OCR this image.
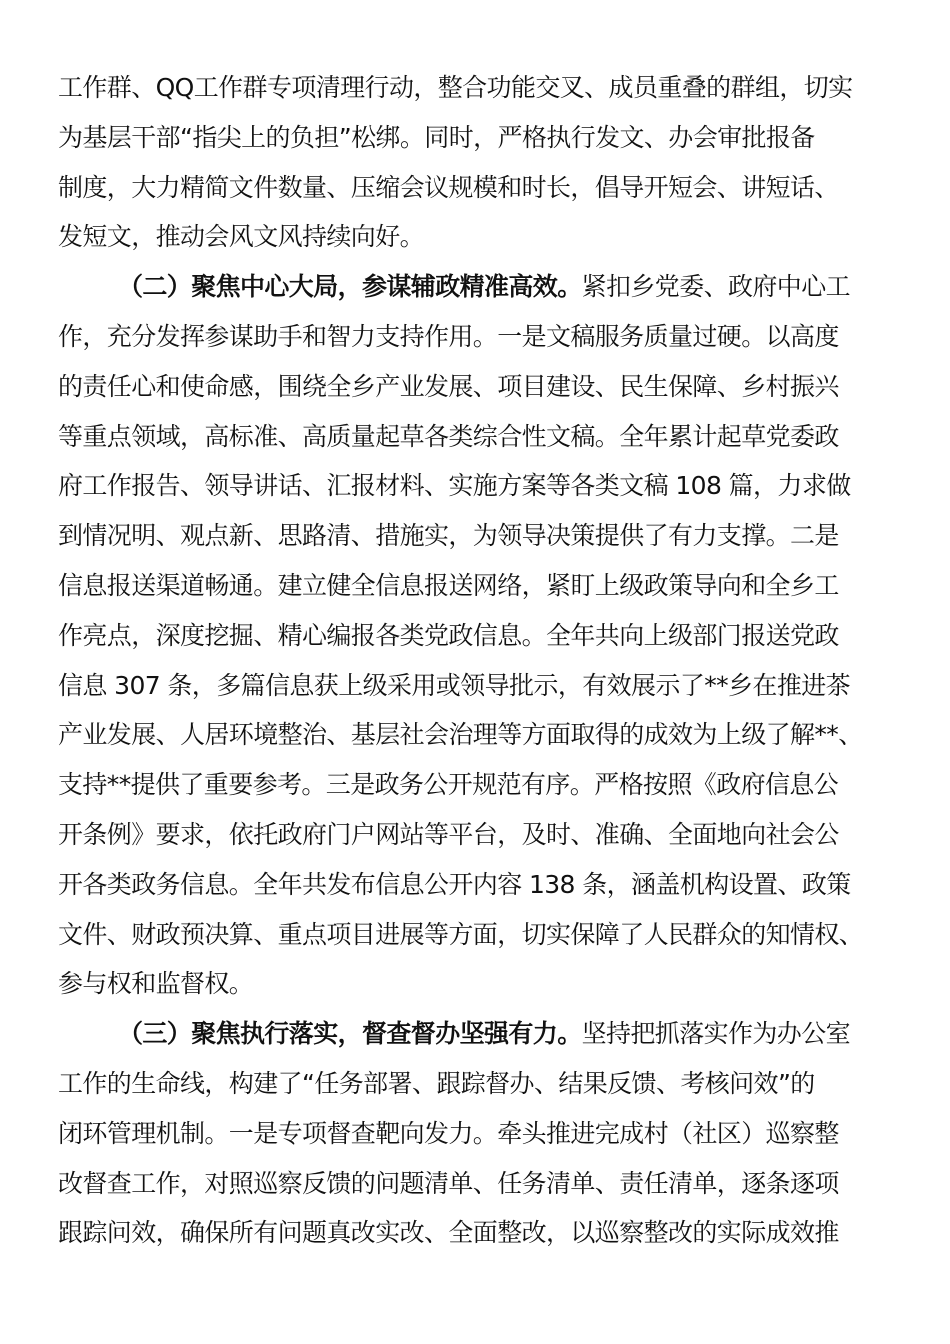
工作群、QQ工作群专项清理行动，整合功能交叉、成员重叠的群组，切实
为基层干部“指尖上的负担”松绑。同时，严格执行发文、办会审批报备
制度，大力精简文件数量、压缩会议规模和时长，倡导开短会、讲短话、
发短文，推动会风文风持续向好。
（二）聚焦中心大局，参谋辅政精准高效。紧扣乡党委、政府中心工
作，充分发挥参谋助手和智力支持作用。一是文稿服务质量过硬。以高度
的责任心和使命感，围绕全乡产业发展、项目建设、民生保障、乡村振兴
等重点领域，高标准、高质量起草各类综合性文稿。全年累计起草党委政
府工作报告、领导讲话、汇报材料、实施方案等各类文稿 108 篇，力求做
到情况明、观点新、思路清、措施实，为领导决策提供了有力支撑。二是
信息报送渠道畅通。建立健全信息报送网络，紧盯上级政策导向和全乡工
作亮点，深度挖掘、精心编报各类党政信息。全年共向上级部门报送党政
信息 307 条，多篇信息获上级采用或领导批示，有效展示了**乡在推进茶
产业发展、人居环境整治、基层社会治理等方面取得的成效为上级了解**、
支持**提供了重要参考。三是政务公开规范有序。严格按照《政府信息公
开条例》要求，依托政府门户网站等平台，及时、准确、全面地向社会公
开各类政务信息。全年共发布信息公开内容 138 条，涵盖机构设置、政策
文件、财政预决算、重点项目进展等方面，切实保障了人民群众的知情权、
参与权和监督权。
（三）聚焦执行落实，督查督办坚强有力。坚持把抓落实作为办公室
工作的生命线，构建了“任务部署、跟踪督办、结果反馈、考核问效”的
闭环管理机制。一是专项督查靶向发力。牵头推进完成村（社区）巡察整
改督查工作，对照巡察反馈的问题清单、任务清单、责任清单，逐条逐项
跟踪问效，确保所有问题真改实改、全面整改，以巡察整改的实际成效推
